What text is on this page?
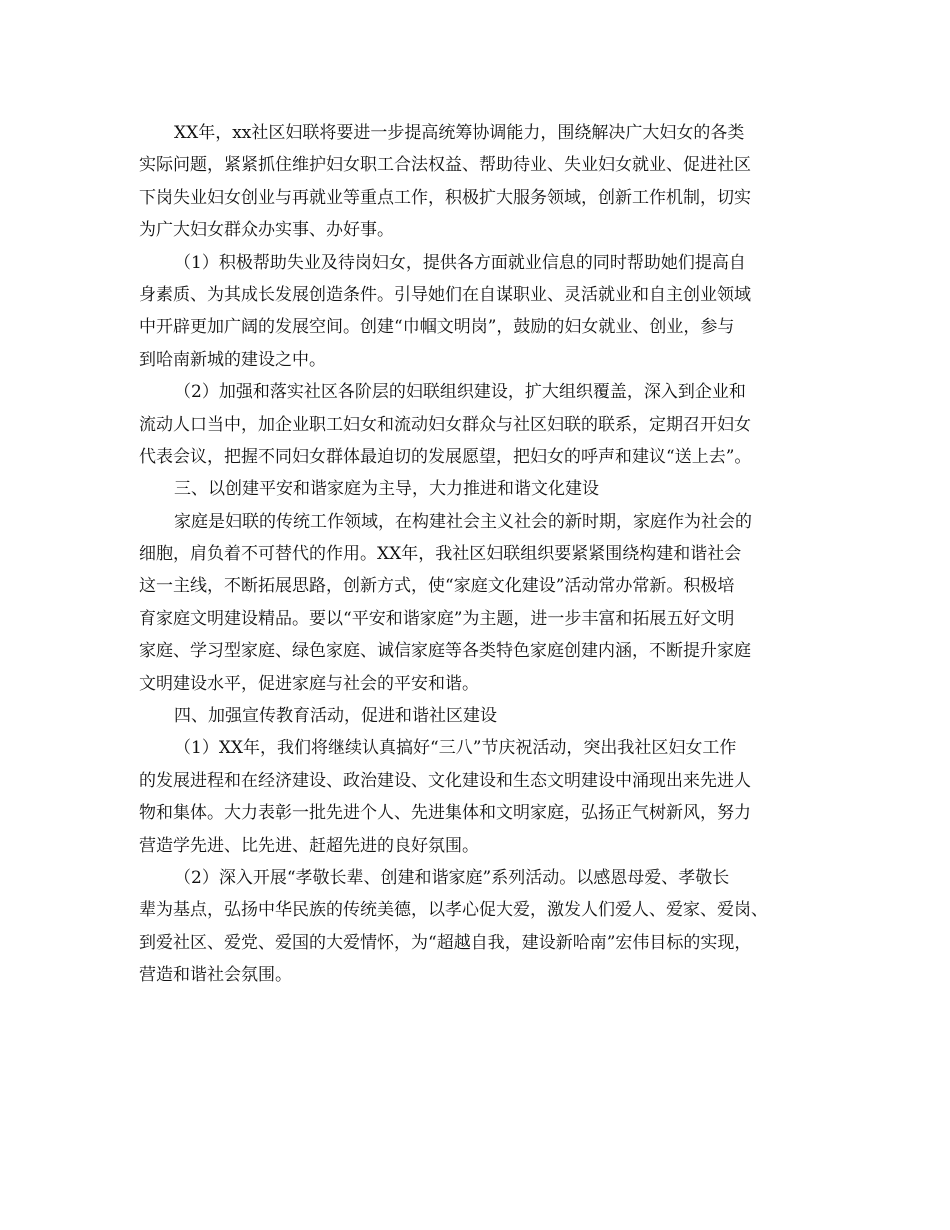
XX年，xx社区妇联将要进一步提高统筹协调能力，围绕解决广大妇女的各类
实际问题，紧紧抓住维护妇女职工合法权益、帮助待业、失业妇女就业、促进社区
下岗失业妇女创业与再就业等重点工作，积极扩大服务领域，创新工作机制，切实
为广大妇女群众办实事、办好事。
（1）积极帮助失业及待岗妇女，提供各方面就业信息的同时帮助她们提高自
身素质、为其成长发展创造条件。引导她们在自谋职业、灵活就业和自主创业领域
中开辟更加广阔的发展空间。创建“巾帼文明岗”，鼓励的妇女就业、创业，参与
到哈南新城的建设之中。
（2）加强和落实社区各阶层的妇联组织建设，扩大组织覆盖，深入到企业和
流动人口当中，加企业职工妇女和流动妇女群众与社区妇联的联系，定期召开妇女
代表会议，把握不同妇女群体最迫切的发展愿望，把妇女的呼声和建议“送上去”。
三、以创建平安和谐家庭为主导，大力推进和谐文化建设
家庭是妇联的传统工作领域，在构建社会主义社会的新时期，家庭作为社会的
细胞，肩负着不可替代的作用。XX年，我社区妇联组织要紧紧围绕构建和谐社会
这一主线，不断拓展思路，创新方式，使“家庭文化建设”活动常办常新。积极培
育家庭文明建设精品。要以“平安和谐家庭”为主题，进一步丰富和拓展五好文明
家庭、学习型家庭、绿色家庭、诚信家庭等各类特色家庭创建内涵，不断提升家庭
文明建设水平，促进家庭与社会的平安和谐。
四、加强宣传教育活动，促进和谐社区建设
（1）XX年，我们将继续认真搞好“三八”节庆祝活动，突出我社区妇女工作
的发展进程和在经济建设、政治建设、文化建设和生态文明建设中涌现出来先进人
物和集体。大力表彰一批先进个人、先进集体和文明家庭，弘扬正气树新风，努力
营造学先进、比先进、赶超先进的良好氛围。
（2）深入开展“孝敬长辈、创建和谐家庭”系列活动。以感恩母爱、孝敬长
辈为基点，弘扬中华民族的传统美德，以孝心促大爱，激发人们爱人、爱家、爱岗、
到爱社区、爱党、爱国的大爱情怀，为“超越自我，建设新哈南”宏伟目标的实现，
营造和谐社会氛围。
